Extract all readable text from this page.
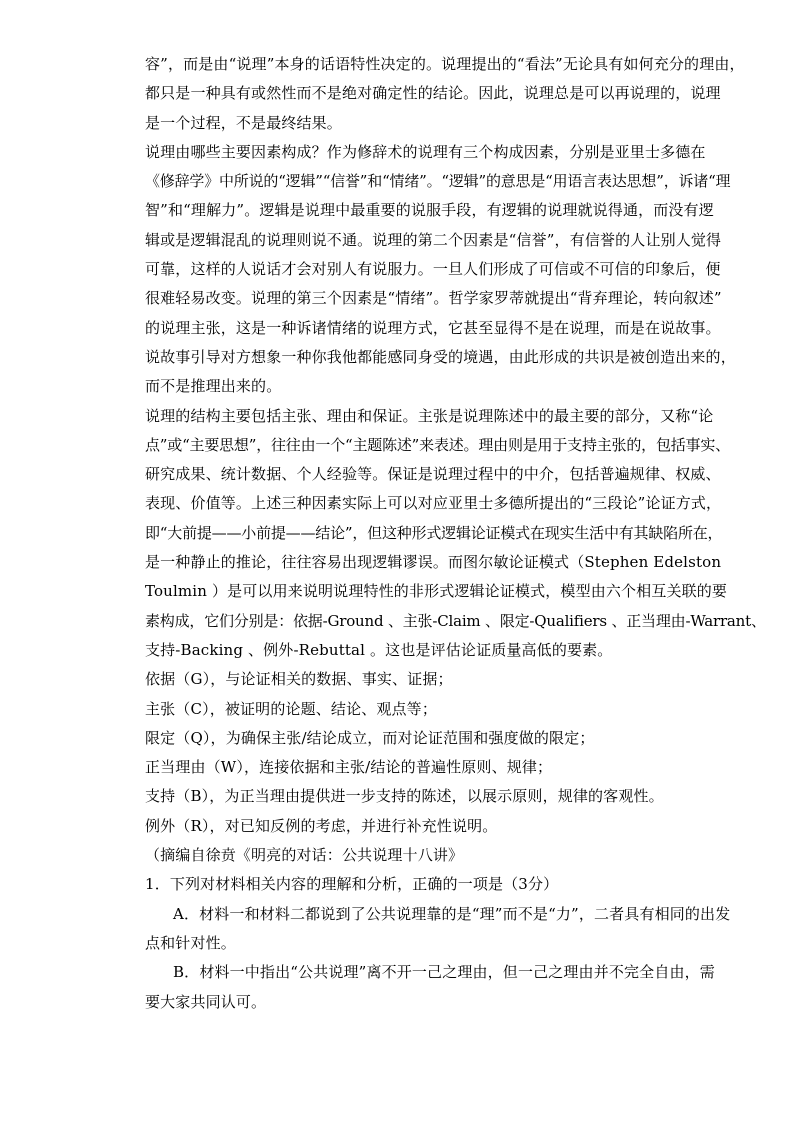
容”，而是由“说理”本身的话语特性决定的。说理提出的“看法”无论具有如何充分的理由，
都只是一种具有或然性而不是绝对确定性的结论。因此，说理总是可以再说理的，说理
是一个过程，不是最终结果。
说理由哪些主要因素构成？作为修辞术的说理有三个构成因素，分别是亚里士多德在
《修辞学》中所说的“逻辑”“信誉”和“情绪”。“逻辑”的意思是“用语言表达思想”，诉诸“理
智”和“理解力”。逻辑是说理中最重要的说服手段，有逻辑的说理就说得通，而没有逻
辑或是逻辑混乱的说理则说不通。说理的第二个因素是“信誉”，有信誉的人让别人觉得
可靠，这样的人说话才会对别人有说服力。一旦人们形成了可信或不可信的印象后，便
很难轻易改变。说理的第三个因素是“情绪”。哲学家罗蒂就提出“背弃理论，转向叙述”
的说理主张，这是一种诉诸情绪的说理方式，它甚至显得不是在说理，而是在说故事。
说故事引导对方想象一种你我他都能感同身受的境遇，由此形成的共识是被创造出来的，
而不是推理出来的。
说理的结构主要包括主张、理由和保证。主张是说理陈述中的最主要的部分，又称“论
点”或“主要思想”，往往由一个“主题陈述”来表述。理由则是用于支持主张的，包括事实、
研究成果、统计数据、个人经验等。保证是说理过程中的中介，包括普遍规律、权威、
表现、价值等。上述三种因素实际上可以对应亚里士多德所提出的“三段论”论证方式，
即“大前提——小前提——结论”，但这种形式逻辑论证模式在现实生活中有其缺陷所在，
是一种静止的推论，往往容易出现逻辑谬误。而图尔敏论证模式（Stephen Edelston
Toulmin ）是可以用来说明说理特性的非形式逻辑论证模式，模型由六个相互关联的要
素构成，它们分别是：依据-Ground 、主张-Claim 、限定-Qualifiers 、正当理由-Warrant、
支持-Backing 、例外-Rebuttal 。这也是评估论证质量高低的要素。
依据（G），与论证相关的数据、事实、证据；
主张（C），被证明的论题、结论、观点等；
限定（Q），为确保主张/结论成立，而对论证范围和强度做的限定；
正当理由（W），连接依据和主张/结论的普遍性原则、规律；
支持（B），为正当理由提供进一步支持的陈述，以展示原则，规律的客观性。
例外（R），对已知反例的考虑，并进行补充性说明。
（摘编自徐贲《明亮的对话：公共说理十八讲》
1．下列对材料相关内容的理解和分析，正确的一项是（3分）
A．材料一和材料二都说到了公共说理靠的是“理”而不是“力”，二者具有相同的出发
点和针对性。
B．材料一中指出“公共说理”离不开一己之理由，但一己之理由并不完全自由，需
要大家共同认可。
